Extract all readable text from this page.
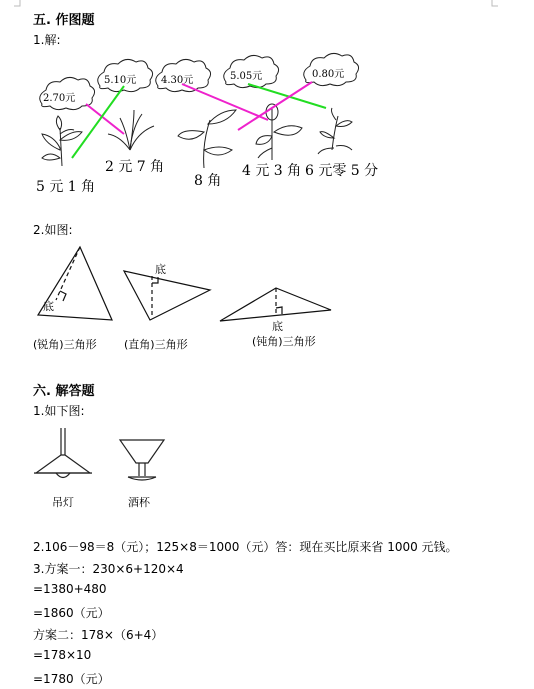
五. 作图题
1.解:
2.70元
5.10元 4.30元	5.05元	0.80元
5 元 1 角
2 元 7 角
8 角
4 元 3 角 6 元零 5 分
2.如图:
底
底
底
(锐角)三角形 (直角)三角形	(钝角)三角形
六. 解答题
1.如下图:
吊灯	酒杯
2.106－98＝8（元）；125×8＝1000（元）答：现在买比原来省 1000 元钱。
3.方案一：230×6+120×4
=1380+480
=1860（元）
方案二：178×（6+4）
=178×10
=1780（元）
